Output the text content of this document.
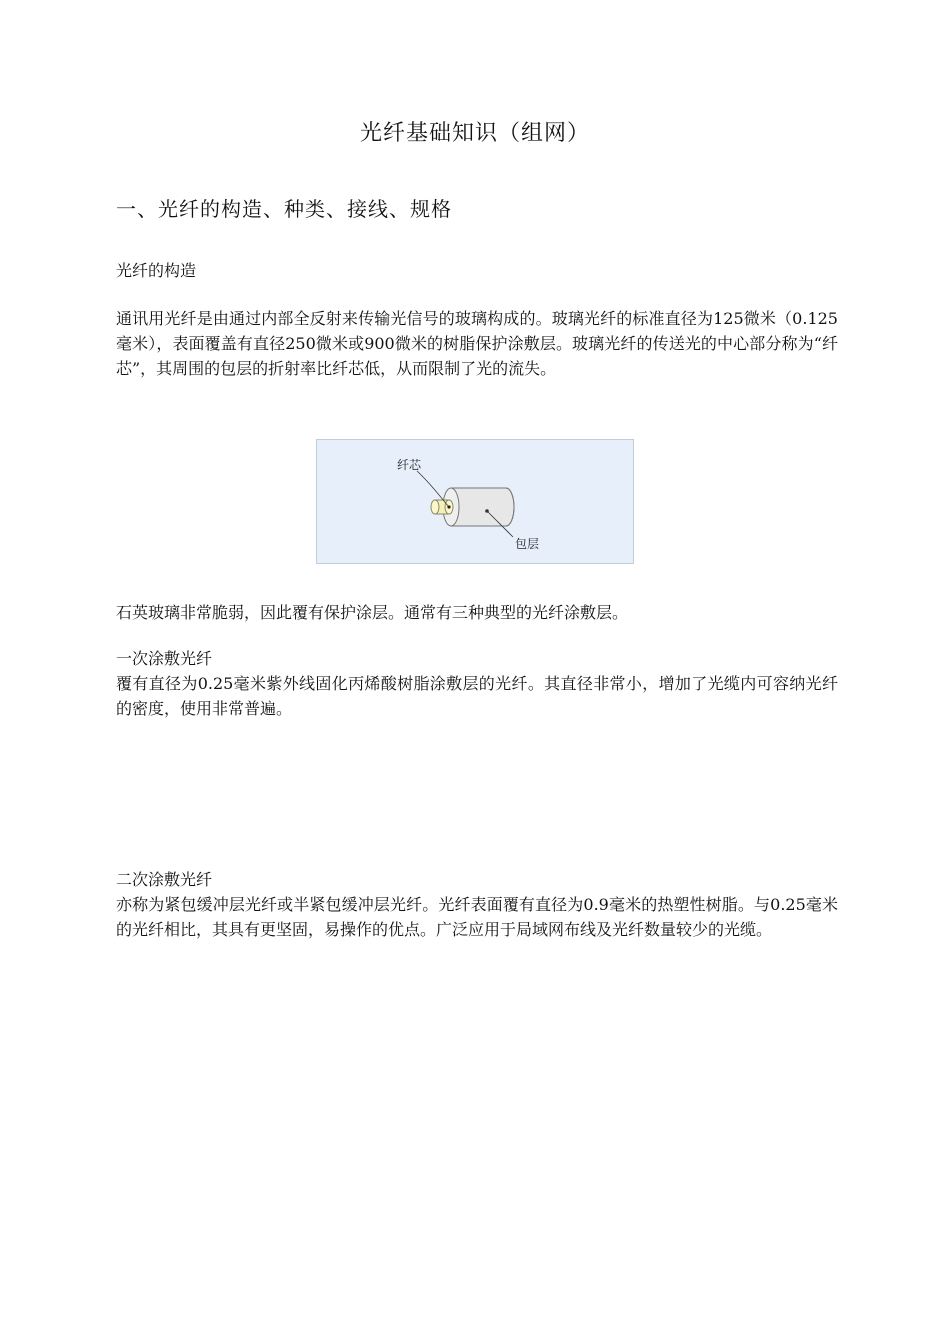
光纤基础知识（组网）
一、光纤的构造、种类、接线、规格
光纤的构造
通讯用光纤是由通过内部全反射来传输光信号的玻璃构成的。玻璃光纤的标准直径为125微米（0.125毫米），表面覆盖有直径250微米或900微米的树脂保护涂敷层。玻璃光纤的传送光的中心部分称为“纤芯”，其周围的包层的折射率比纤芯低，从而限制了光的流失。
纤芯
包层
石英玻璃非常脆弱，因此覆有保护涂层。通常有三种典型的光纤涂敷层。
一次涂敷光纤
覆有直径为0.25毫米紫外线固化丙烯酸树脂涂敷层的光纤。其直径非常小，增加了光缆内可容纳光纤的密度，使用非常普遍。
二次涂敷光纤
亦称为紧包缓冲层光纤或半紧包缓冲层光纤。光纤表面覆有直径为0.9毫米的热塑性树脂。与0.25毫米的光纤相比，其具有更坚固，易操作的优点。广泛应用于局域网布线及光纤数量较少的光缆。
